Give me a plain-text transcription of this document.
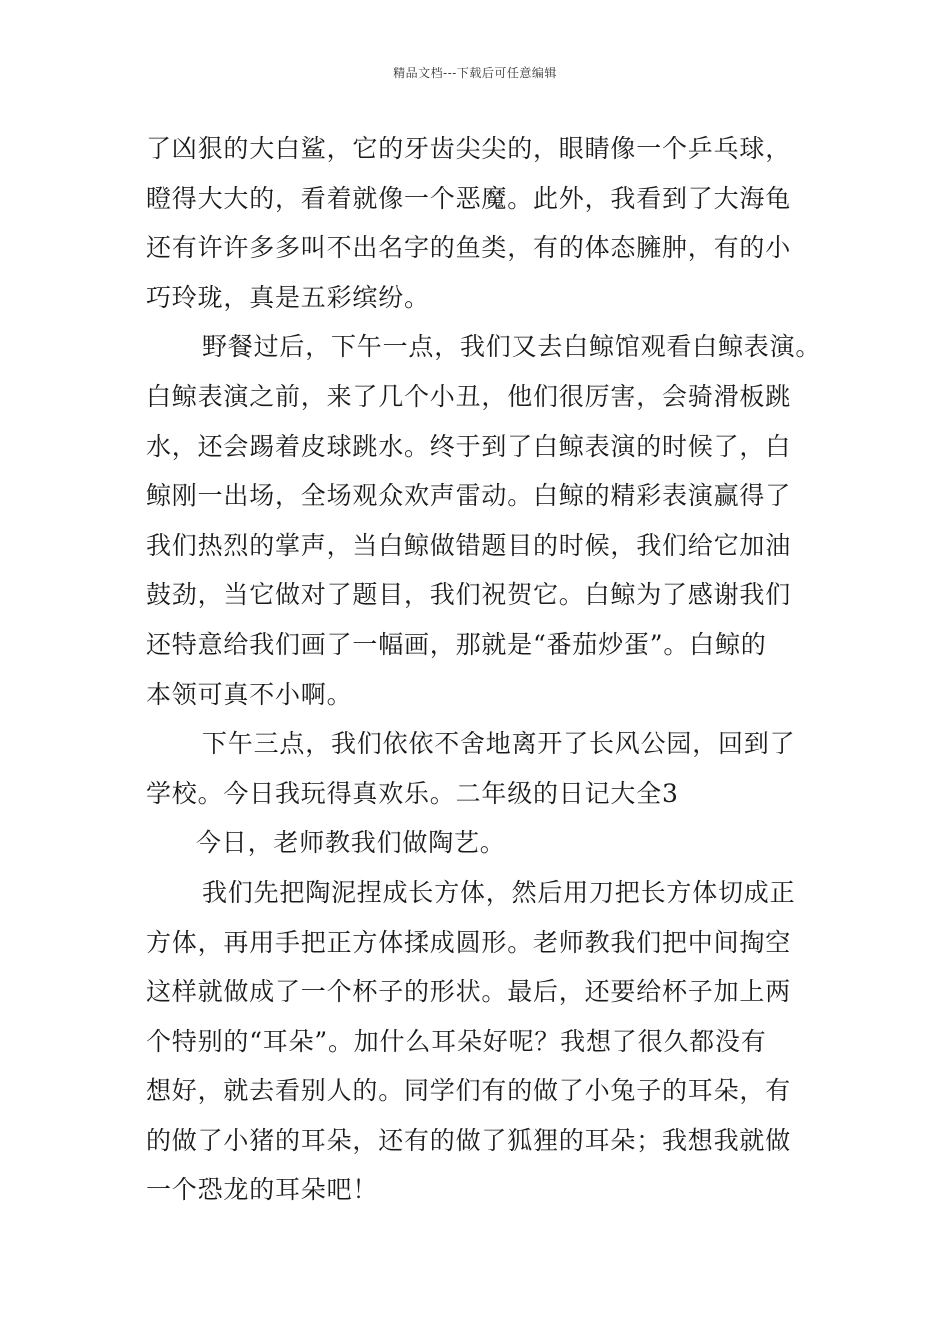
精品文档---下载后可任意编辑
了凶狠的大白鲨，它的牙齿尖尖的，眼睛像一个乒乓球，
瞪得大大的，看着就像一个恶魔。此外，我看到了大海龟
还有许许多多叫不出名字的鱼类，有的体态臃肿，有的小
巧玲珑，真是五彩缤纷。
野餐过后，下午一点，我们又去白鲸馆观看白鲸表演。
白鲸表演之前，来了几个小丑，他们很厉害，会骑滑板跳
水，还会踢着皮球跳水。终于到了白鲸表演的时候了，白
鲸刚一出场，全场观众欢声雷动。白鲸的精彩表演赢得了
我们热烈的掌声，当白鲸做错题目的时候，我们给它加油
鼓劲，当它做对了题目，我们祝贺它。白鲸为了感谢我们
还特意给我们画了一幅画，那就是“番茄炒蛋”。白鲸的
本领可真不小啊。
下午三点，我们依依不舍地离开了长风公园，回到了
学校。今日我玩得真欢乐。二年级的日记大全3
今日，老师教我们做陶艺。
我们先把陶泥捏成长方体，然后用刀把长方体切成正
方体，再用手把正方体揉成圆形。老师教我们把中间掏空
这样就做成了一个杯子的形状。最后，还要给杯子加上两
个特别的“耳朵”。加什么耳朵好呢？我想了很久都没有
想好，就去看别人的。同学们有的做了小兔子的耳朵，有
的做了小猪的耳朵，还有的做了狐狸的耳朵；我想我就做
一个恐龙的耳朵吧！
